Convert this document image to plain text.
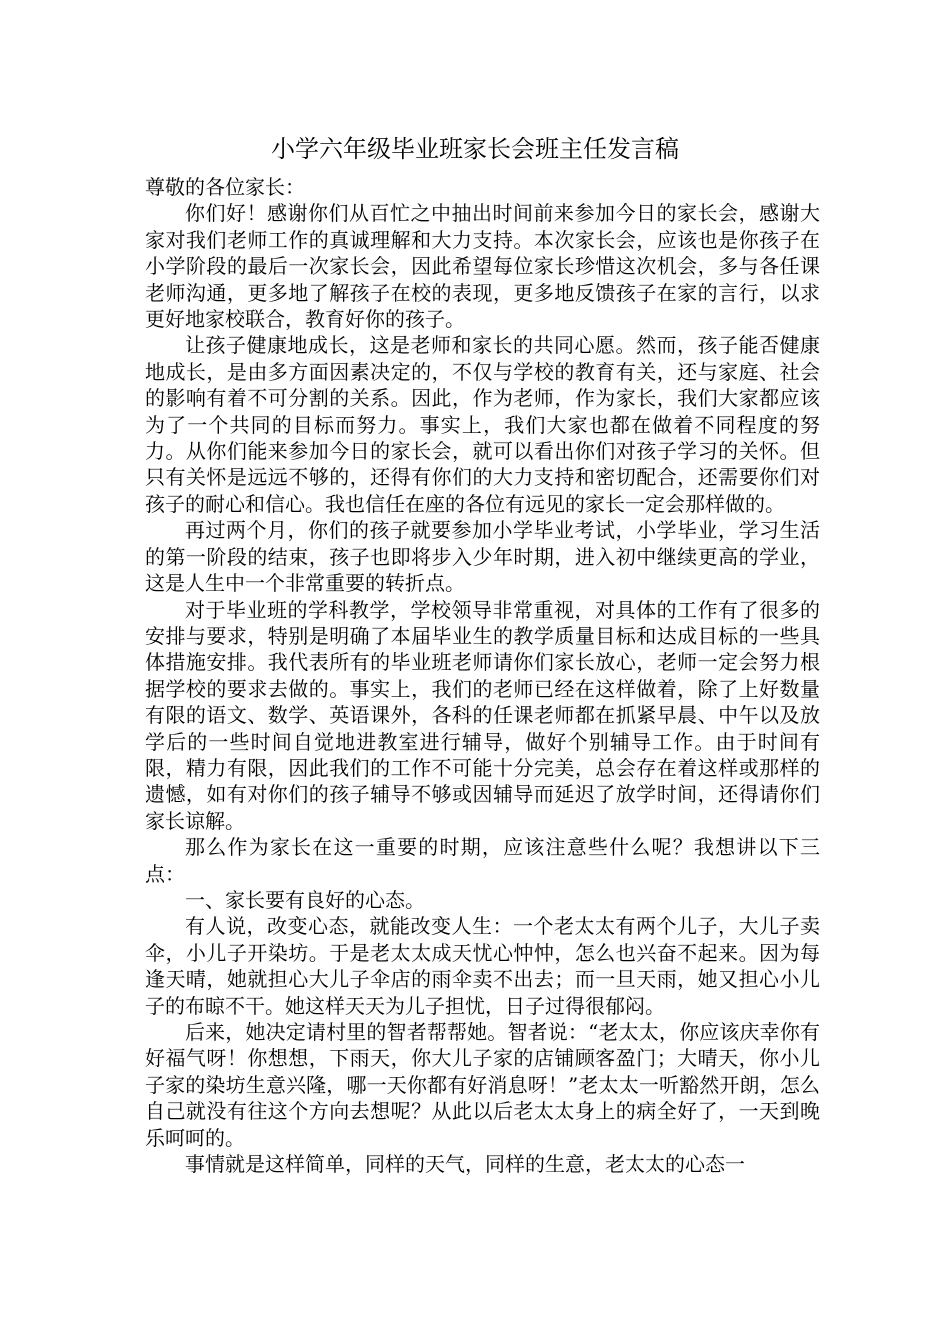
小学六年级毕业班家长会班主任发言稿

尊敬的各位家长：

你们好！感谢你们从百忙之中抽出时间前来参加今日的家长会，感谢大家对我们老师工作的真诚理解和大力支持。本次家长会，应该也是你孩子在小学阶段的最后一次家长会，因此希望每位家长珍惜这次机会，多与各任课老师沟通，更多地了解孩子在校的表现，更多地反馈孩子在家的言行，以求更好地家校联合，教育好你的孩子。

让孩子健康地成长，这是老师和家长的共同心愿。然而，孩子能否健康地成长，是由多方面因素决定的，不仅与学校的教育有关，还与家庭、社会的影响有着不可分割的关系。因此，作为老师，作为家长，我们大家都应该为了一个共同的目标而努力。事实上，我们大家也都在做着不同程度的努力。从你们能来参加今日的家长会，就可以看出你们对孩子学习的关怀。但只有关怀是远远不够的，还得有你们的大力支持和密切配合，还需要你们对孩子的耐心和信心。我也信任在座的各位有远见的家长一定会那样做的。

再过两个月，你们的孩子就要参加小学毕业考试，小学毕业，学习生活的第一阶段的结束，孩子也即将步入少年时期，进入初中继续更高的学业，这是人生中一个非常重要的转折点。

对于毕业班的学科教学，学校领导非常重视，对具体的工作有了很多的安排与要求，特别是明确了本届毕业生的教学质量目标和达成目标的一些具体措施安排。我代表所有的毕业班老师请你们家长放心，老师一定会努力根据学校的要求去做的。事实上，我们的老师已经在这样做着，除了上好数量有限的语文、数学、英语课外，各科的任课老师都在抓紧早晨、中午以及放学后的一些时间自觉地进教室进行辅导，做好个别辅导工作。由于时间有限，精力有限，因此我们的工作不可能十分完美，总会存在着这样或那样的遗憾，如有对你们的孩子辅导不够或因辅导而延迟了放学时间，还得请你们家长谅解。

那么作为家长在这一重要的时期，应该注意些什么呢？我想讲以下三点：

一、家长要有良好的心态。

有人说，改变心态，就能改变人生：一个老太太有两个儿子，大儿子卖伞，小儿子开染坊。于是老太太成天忧心忡忡，怎么也兴奋不起来。因为每逢天晴，她就担心大儿子伞店的雨伞卖不出去；而一旦天雨，她又担心小儿子的布晾不干。她这样天天为儿子担忧，日子过得很郁闷。

后来，她决定请村里的智者帮帮她。智者说：“老太太，你应该庆幸你有好福气呀！你想想，下雨天，你大儿子家的店铺顾客盈门；大晴天，你小儿子家的染坊生意兴隆，哪一天你都有好消息呀！”老太太一听豁然开朗，怎么自己就没有往这个方向去想呢？从此以后老太太身上的病全好了，一天到晚乐呵呵的。

事情就是这样简单，同样的天气，同样的生意，老太太的心态一
